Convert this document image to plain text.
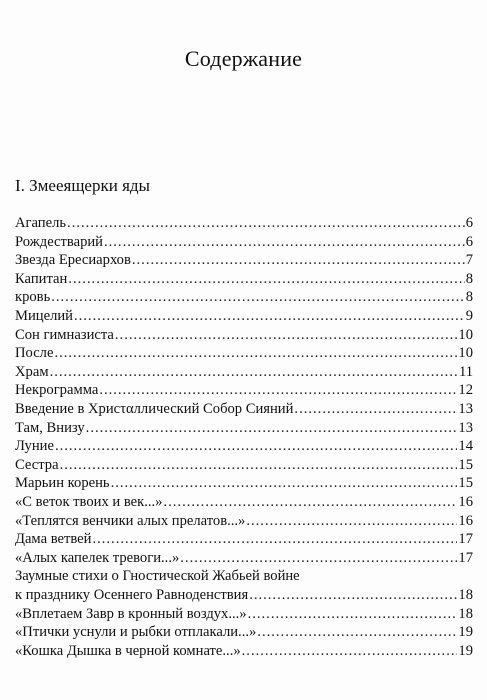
Содержание
I. Змееящерки яды
Агапель .....	6
Рождестварий .....	6
Звезда Ересиархов .....	7
Капитан .....	8
кровь .....	8
Мицелий .....	9
Сон гимназиста .....	10
После .....	10
Храм .....	11
Некрограмма .....	12
Введение в Хрисταллический Собор Сияний .....	13
Там, Внизу .....	13
Луние .....	14
Сестра .....	15
Марьин корень .....	15
«С веток твоих и век...» .....	16
«Теплятся венчики алых прелатов...» .....	16
Дама ветвей .....	17
«Алых капелек тревоги...» .....	17
Заумные стихи о Гностической Жабьей войне
к празднику Осеннего Равноденствия .....	18
«Вплетаем Завр в кронный воздух...» .....	18
«Птички уснули и рыбки отплакали...» .....	19
«Кошка Дышка в черной комнате...» .....	19
